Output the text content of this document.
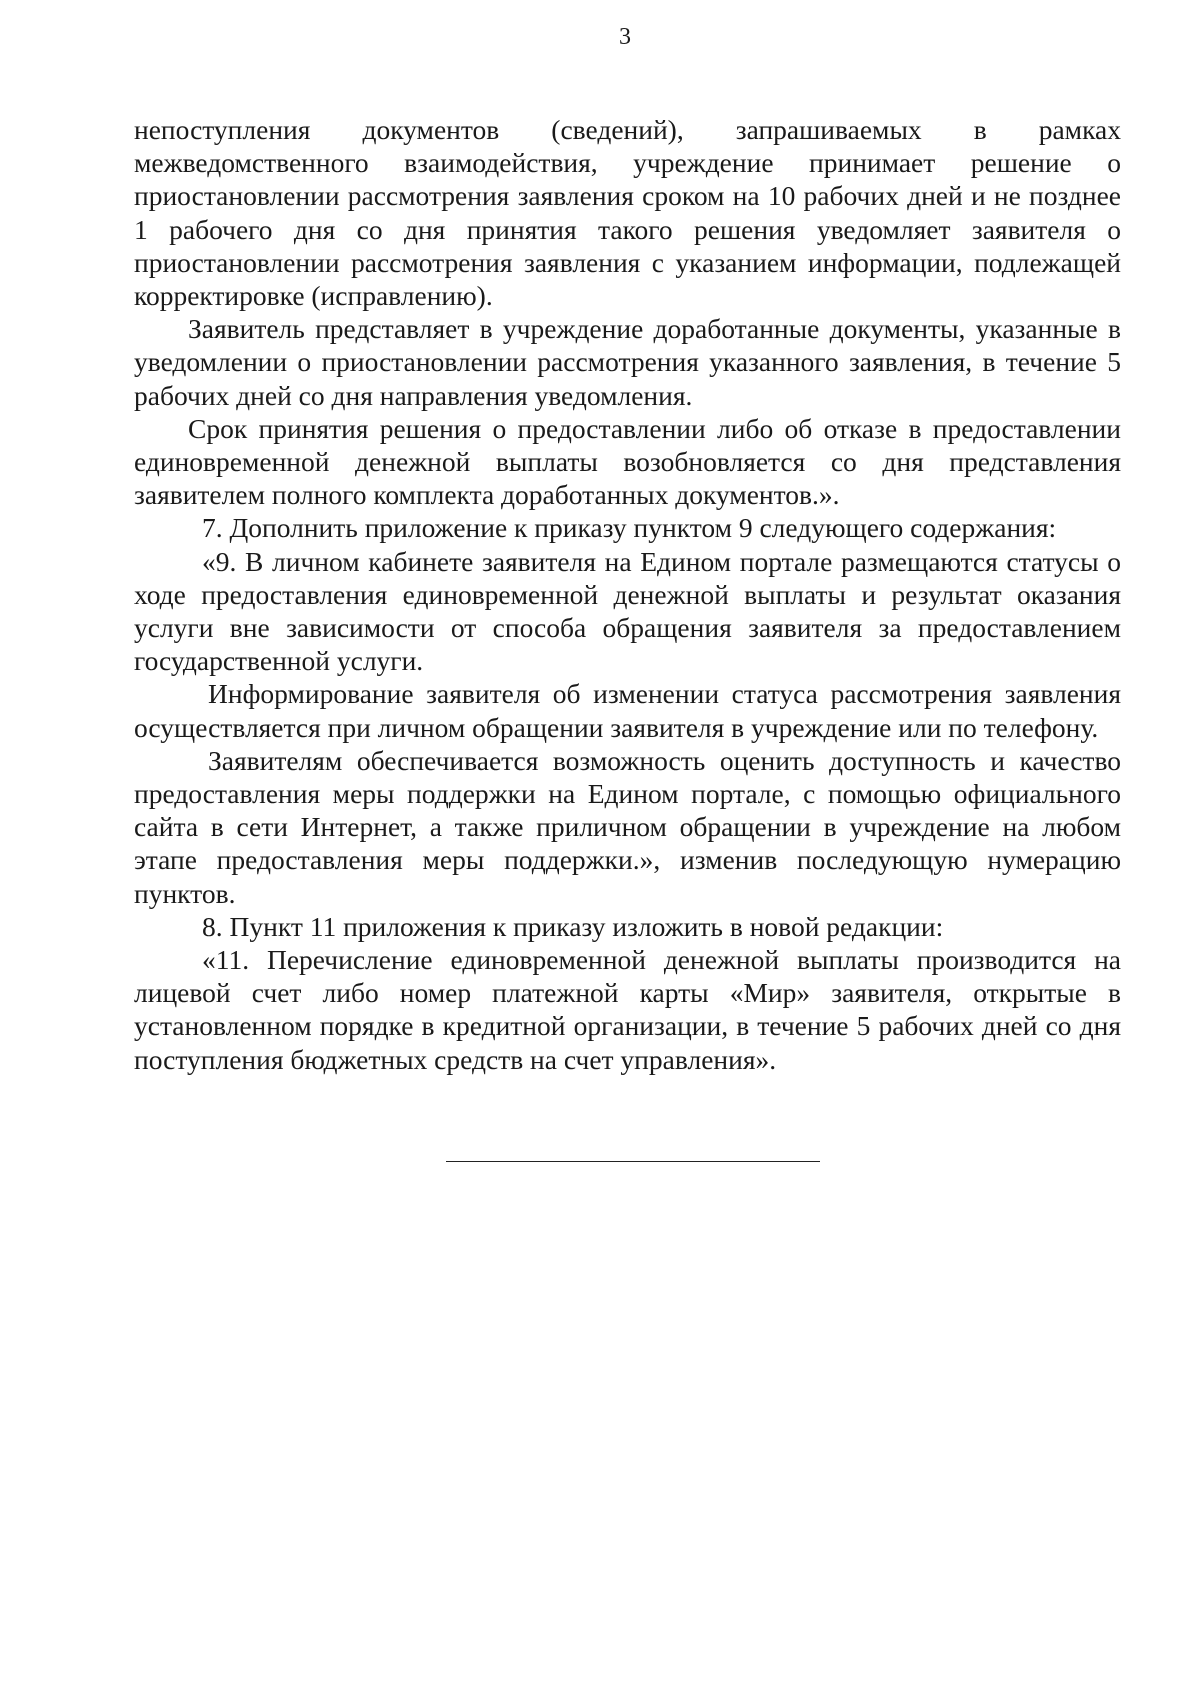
3

непоступления документов (сведений), запрашиваемых в рамках межведомственного взаимодействия, учреждение принимает решение о приостановлении рассмотрения заявления сроком на 10 рабочих дней и не позднее 1 рабочего дня со дня принятия такого решения уведомляет заявителя о приостановлении рассмотрения заявления с указанием информации, подлежащей корректировке (исправлению).

Заявитель представляет в учреждение доработанные документы, указанные в уведомлении о приостановлении рассмотрения указанного заявления, в течение 5 рабочих дней со дня направления уведомления.

Срок принятия решения о предоставлении либо об отказе в предоставлении единовременной денежной выплаты возобновляется со дня представления заявителем полного комплекта доработанных документов.».

7. Дополнить приложение к приказу пунктом 9 следующего содержания:

«9. В личном кабинете заявителя на Едином портале размещаются статусы о ходе предоставления единовременной денежной выплаты и результат оказания услуги вне зависимости от способа обращения заявителя за предоставлением государственной услуги.

Информирование заявителя об изменении статуса рассмотрения заявления осуществляется при личном обращении заявителя в учреждение или по телефону.

Заявителям обеспечивается возможность оценить доступность и качество предоставления меры поддержки на Едином портале, с помощью официального сайта в сети Интернет, а также приличном обращении в учреждение на любом этапе предоставления меры поддержки.», изменив последующую нумерацию пунктов.

8. Пункт 11 приложения к приказу изложить в новой редакции:

«11. Перечисление единовременной денежной выплаты производится на лицевой счет либо номер платежной карты «Мир» заявителя, открытые в установленном порядке в кредитной организации, в течение 5 рабочих дней со дня поступления бюджетных средств на счет управления».
